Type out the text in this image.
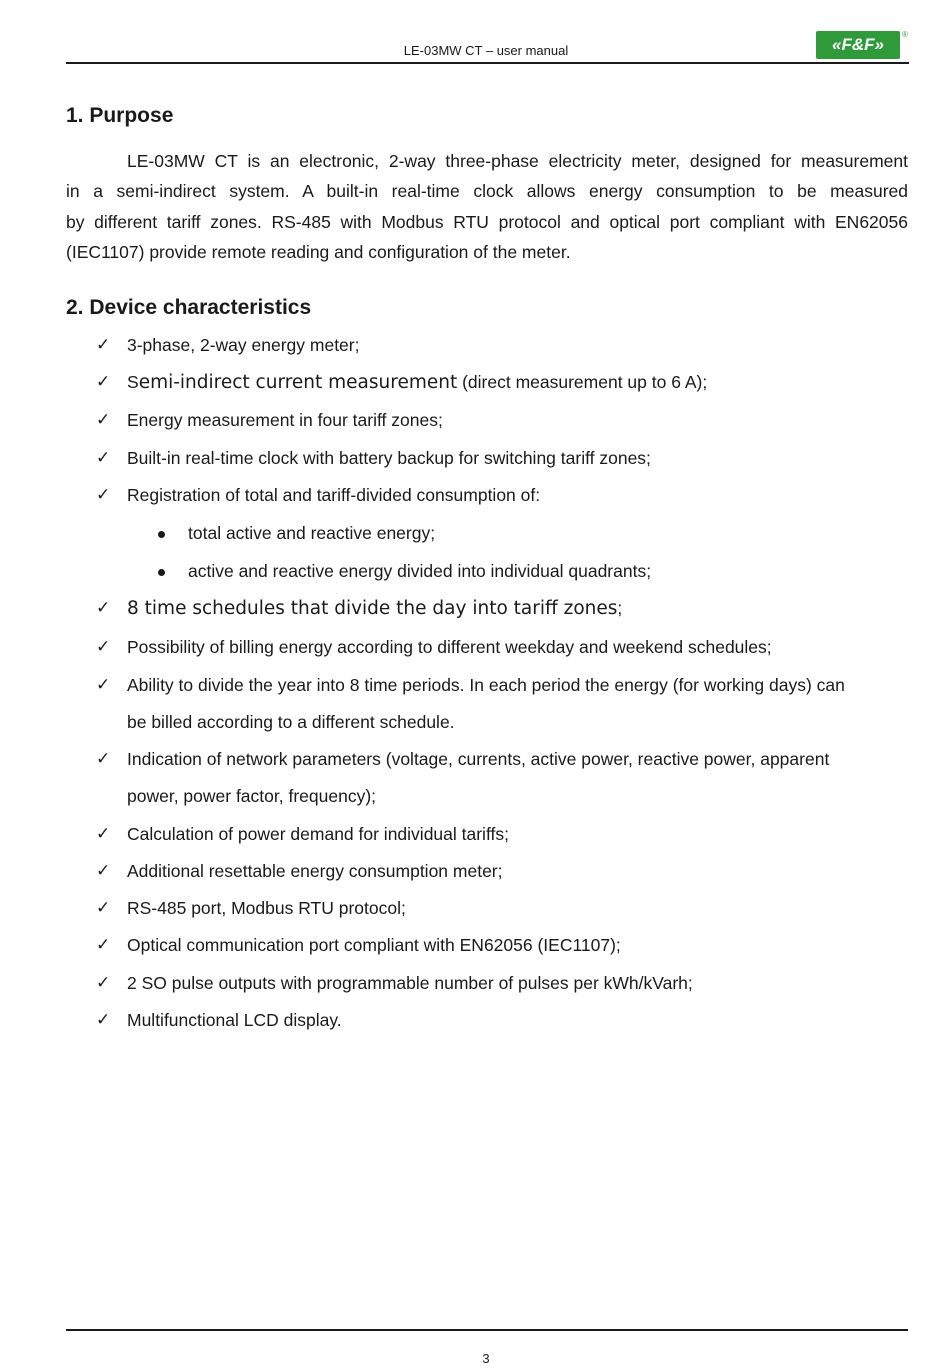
LE-03MW CT – user manual	«F&F»
®
1. Purpose
LE-03MW CT is an electronic, 2-way three-phase electricity meter, designed for measurement
in a semi-indirect system. A built-in real-time clock allows energy consumption to be measured
by different tariff zones. RS-485 with Modbus RTU protocol and optical port compliant with EN62056
(IEC1107) provide remote reading and configuration of the meter.
2. Device characteristics
✓ 3-phase, 2-way energy meter;
✓ Semi-indirect current measurement (direct measurement up to 6 A);
✓ Energy measurement in four tariff zones;
✓ Built-in real-time clock with battery backup for switching tariff zones;
✓ Registration of total and tariff-divided consumption of:
total active and reactive energy;
active and reactive energy divided into individual quadrants;
✓ 8 time schedules that divide the day into tariff zones;
✓ Possibility of billing energy according to different weekday and weekend schedules;
✓ Ability to divide the year into 8 time periods. In each period the energy (for working days) can
be billed according to a different schedule.
✓ Indication of network parameters (voltage, currents, active power, reactive power, apparent
power, power factor, frequency);
✓ Calculation of power demand for individual tariffs;
✓ Additional resettable energy consumption meter;
✓ RS-485 port, Modbus RTU protocol;
✓ Optical communication port compliant with EN62056 (IEC1107);
✓ 2 SO pulse outputs with programmable number of pulses per kWh/kVarh;
✓ Multifunctional LCD display.
3
